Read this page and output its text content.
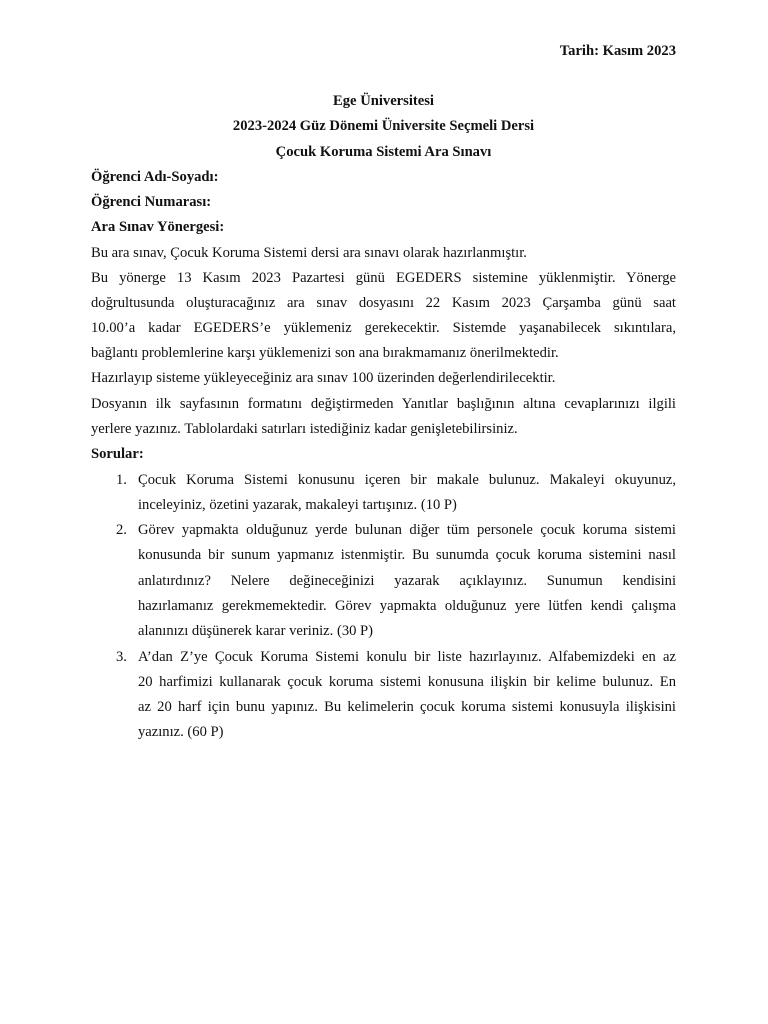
Tarih: Kasım 2023
Ege Üniversitesi
2023-2024 Güz Dönemi Üniversite Seçmeli Dersi
Çocuk Koruma Sistemi Ara Sınavı
Öğrenci Adı-Soyadı:
Öğrenci Numarası:
Ara Sınav Yönergesi:
Bu ara sınav, Çocuk Koruma Sistemi dersi ara sınavı olarak hazırlanmıştır.
Bu yönerge 13 Kasım 2023 Pazartesi günü EGEDERS sistemine yüklenmiştir. Yönerge
doğrultusunda oluşturacağınız ara sınav dosyasını 22 Kasım 2023 Çarşamba günü saat
10.00’a kadar EGEDERS’e yüklemeniz gerekecektir. Sistemde yaşanabilecek sıkıntılara,
bağlantı problemlerine karşı yüklemenizi son ana bırakmamanız önerilmektedir.
Hazırlayıp sisteme yükleyeceğiniz ara sınav 100 üzerinden değerlendirilecektir.
Dosyanın ilk sayfasının formatını değiştirmeden Yanıtlar başlığının altına cevaplarınızı ilgili
yerlere yazınız. Tablolardaki satırları istediğiniz kadar genişletebilirsiniz.
Sorular:
1. Çocuk Koruma Sistemi konusunu içeren bir makale bulunuz. Makaleyi okuyunuz,
inceleyiniz, özetini yazarak, makaleyi tartışınız. (10 P)
2. Görev yapmakta olduğunuz yerde bulunan diğer tüm personele çocuk koruma sistemi
konusunda bir sunum yapmanız istenmiştir. Bu sunumda çocuk koruma sistemini nasıl
anlatırdınız? Nelere değineceğinizi yazarak açıklayınız. Sunumun kendisini
hazırlamanız gerekmemektedir. Görev yapmakta olduğunuz yere lütfen kendi çalışma
alanınızı düşünerek karar veriniz. (30 P)
3. A’dan Z’ye Çocuk Koruma Sistemi konulu bir liste hazırlayınız. Alfabemizdeki en az
20 harfimizi kullanarak çocuk koruma sistemi konusuna ilişkin bir kelime bulunuz. En
az 20 harf için bunu yapınız. Bu kelimelerin çocuk koruma sistemi konusuyla ilişkisini
yazınız. (60 P)
